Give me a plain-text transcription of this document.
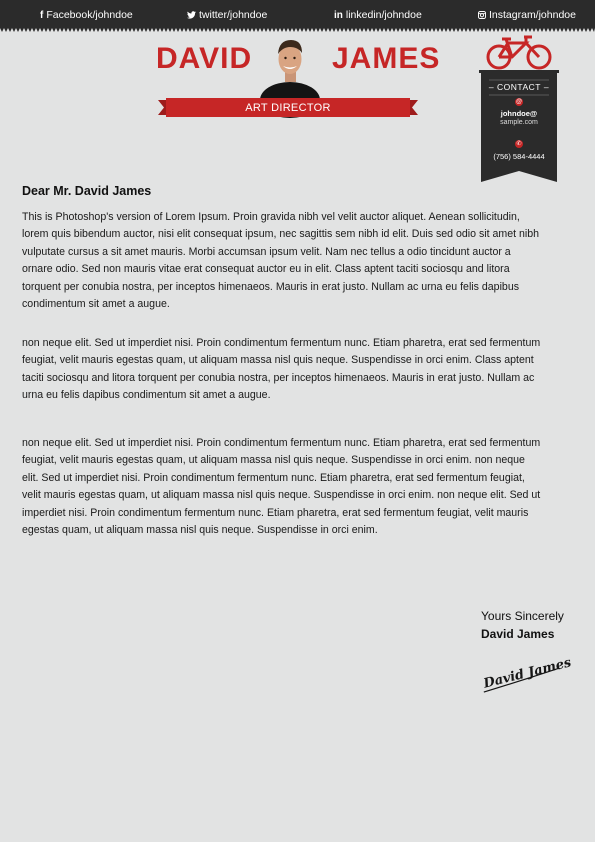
f Facebook/johndoe	twitter/johndoe	in linkedin/johndoe	Instagram/johndoe
DAVID	JAMES
ART DIRECTOR
– CONTACT –
@
johndoe@
sample.com
✆
(756) 584-4444
Dear Mr. David James

This is Photoshop's version of Lorem Ipsum. Proin gravida nibh vel velit auctor aliquet. Aenean sollicitudin, lorem quis bibendum auctor, nisi elit consequat ipsum, nec sagittis sem nibh id elit. Duis sed odio sit amet nibh vulputate cursus a sit amet mauris. Morbi accumsan ipsum velit. Nam nec tellus a odio tincidunt auctor a ornare odio. Sed non mauris vitae erat consequat auctor eu in elit. Class aptent taciti sociosqu and litora torquent per conubia nostra, per inceptos himenaeos. Mauris in erat justo. Nullam ac urna eu felis dapibus condimentum sit amet a augue.

non neque elit. Sed ut imperdiet nisi. Proin condimentum fermentum nunc. Etiam pharetra, erat sed fermentum feugiat, velit mauris egestas quam, ut aliquam massa nisl quis neque. Suspendisse in orci enim. Class aptent taciti sociosqu and litora torquent per conubia nostra, per inceptos himenaeos. Mauris in erat justo. Nullam ac urna eu felis dapibus condimentum sit amet a augue.

non neque elit. Sed ut imperdiet nisi. Proin condimentum fermentum nunc. Etiam pharetra, erat sed fermentum feugiat, velit mauris egestas quam, ut aliquam massa nisl quis neque. Suspendisse in orci enim. non neque elit. Sed ut imperdiet nisi. Proin condimentum fermentum nunc. Etiam pharetra, erat sed fermentum feugiat, velit mauris egestas quam, ut aliquam massa nisl quis neque. Suspendisse in orci enim. non neque elit. Sed ut imperdiet nisi. Proin condimentum fermentum nunc. Etiam pharetra, erat sed fermentum feugiat, velit mauris egestas quam, ut aliquam massa nisl quis neque. Suspendisse in orci enim.

Yours Sincerely
David James
David James
